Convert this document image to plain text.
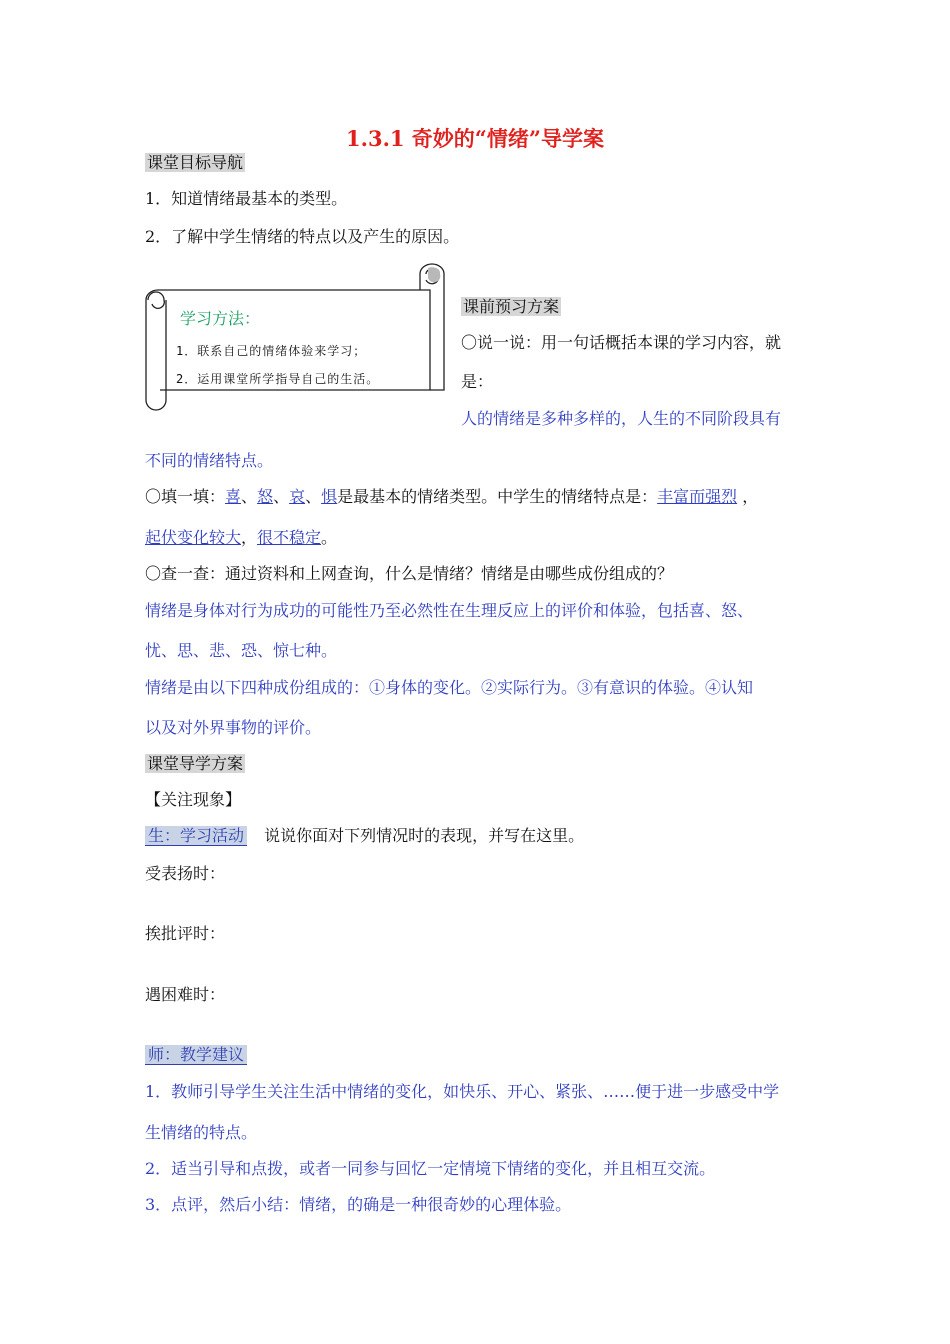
1.3.1 奇妙的“情绪”导学案
课堂目标导航
1．知道情绪最基本的类型。
2．了解中学生情绪的特点以及产生的原因。
学习方法：
1．联系自己的情绪体验来学习；
2．运用课堂所学指导自己的生活。
课前预习方案
〇说一说：用一句话概括本课的学习内容，就
是：
人的情绪是多种多样的，人生的不同阶段具有
不同的情绪特点。
〇填一填：喜、怒、哀、惧是最基本的情绪类型。中学生的情绪特点是：丰富而强烈 ，
起伏变化较大，很不稳定。
〇查一查：通过资料和上网查询，什么是情绪？情绪是由哪些成份组成的？
情绪是身体对行为成功的可能性乃至必然性在生理反应上的评价和体验，包括喜、怒、
忧、思、悲、恐、惊七种。
情绪是由以下四种成份组成的：①身体的变化。②实际行为。③有意识的体验。④认知
以及对外界事物的评价。
课堂导学方案
【关注现象】
生：学习活动 说说你面对下列情况时的表现，并写在这里。
受表扬时：
挨批评时：
遇困难时：
师：教学建议
1．教师引导学生关注生活中情绪的变化，如快乐、开心、紧张、……便于进一步感受中学
生情绪的特点。
2．适当引导和点拨，或者一同参与回忆一定情境下情绪的变化，并且相互交流。
3．点评，然后小结：情绪，的确是一种很奇妙的心理体验。
